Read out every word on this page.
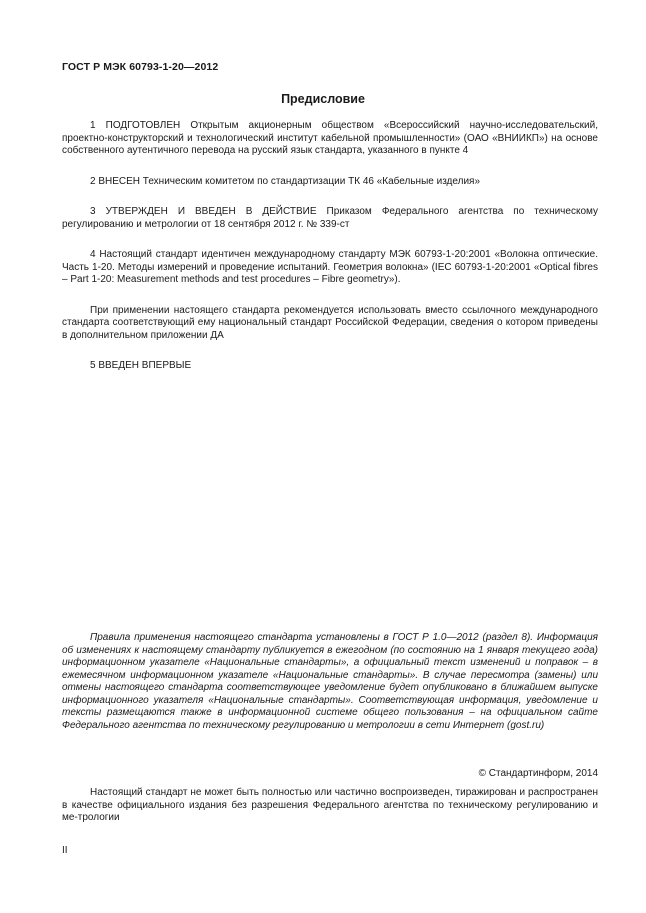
ГОСТ Р МЭК 60793-1-20—2012
Предисловие

1 ПОДГОТОВЛЕН Открытым акционерным обществом «Всероссийский научно-исследовательский, проектно-конструкторский и технологический институт кабельной промышленности» (ОАО «ВНИИКП») на основе собственного аутентичного перевода на русский язык стандарта, указанного в пункте 4

2 ВНЕСЕН Техническим комитетом по стандартизации ТК 46 «Кабельные изделия»

3 УТВЕРЖДЕН И ВВЕДЕН В ДЕЙСТВИЕ Приказом Федерального агентства по техническому регулированию и метрологии от 18 сентября 2012 г. № 339-ст

4 Настоящий стандарт идентичен международному стандарту МЭК 60793-1-20:2001 «Волокна оптические. Часть 1-20. Методы измерений и проведение испытаний. Геометрия волокна» (IEC 60793-1-20:2001 «Optical fibres – Part 1-20: Measurement methods and test procedures – Fibre geometry»).

При применении настоящего стандарта рекомендуется использовать вместо ссылочного международного стандарта соответствующий ему национальный стандарт Российской Федерации, сведения о котором приведены в дополнительном приложении ДА

5 ВВЕДЕН ВПЕРВЫЕ

Правила применения настоящего стандарта установлены в ГОСТ Р 1.0—2012 (раздел 8). Информация об изменениях к настоящему стандарту публикуется в ежегодном (по состоянию на 1 января текущего года) информационном указателе «Национальные стандарты», а официальный текст изменений и поправок – в ежемесячном информационном указателе «Национальные стандарты». В случае пересмотра (замены) или отмены настоящего стандарта соответствующее уведомление будет опубликовано в ближайшем выпуске информационного указателя «Национальные стандарты». Соответствующая информация, уведомление и тексты размещаются также в информационной системе общего пользования – на официальном сайте Федерального агентства по техническому регулированию и метрологии в сети Интернет (gost.ru)

© Стандартинформ, 2014

Настоящий стандарт не может быть полностью или частично воспроизведен, тиражирован и распространен в качестве официального издания без разрешения Федерального агентства по техническому регулированию и ме-трологии

II
